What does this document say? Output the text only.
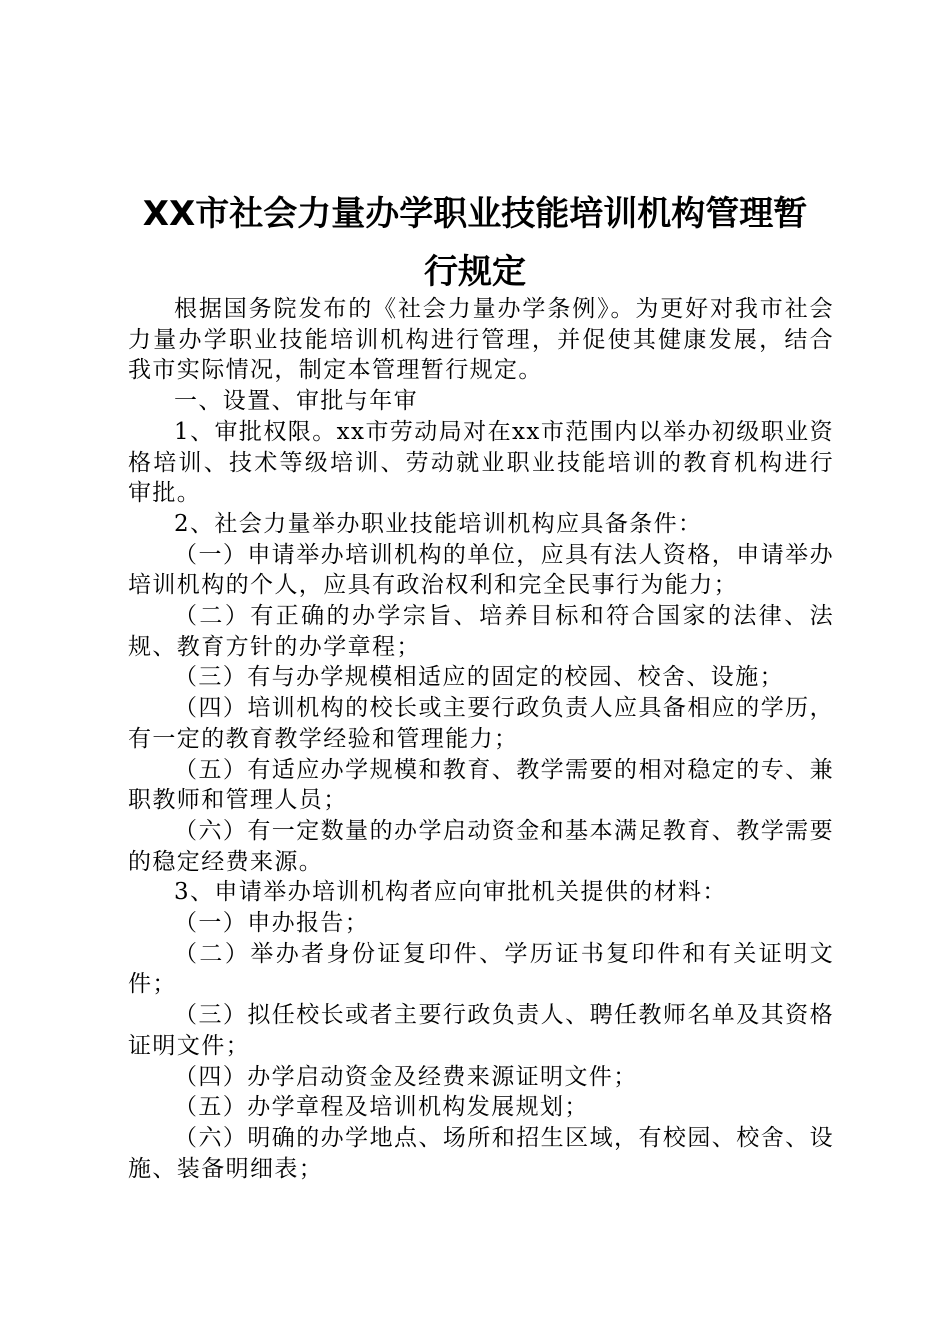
XX市社会力量办学职业技能培训机构管理暂
行规定

根据国务院发布的《社会力量办学条例》。为更好对我市社会力量办学职业技能培训机构进行管理，并促使其健康发展，结合我市实际情况，制定本管理暂行规定。

一、设置、审批与年审

1、审批权限。xx市劳动局对在xx市范围内以举办初级职业资格培训、技术等级培训、劳动就业职业技能培训的教育机构进行审批。

2、社会力量举办职业技能培训机构应具备条件：

（一）申请举办培训机构的单位，应具有法人资格，申请举办培训机构的个人，应具有政治权利和完全民事行为能力；

（二）有正确的办学宗旨、培养目标和符合国家的法律、法规、教育方针的办学章程；

（三）有与办学规模相适应的固定的校园、校舍、设施；

（四）培训机构的校长或主要行政负责人应具备相应的学历，有一定的教育教学经验和管理能力；

（五）有适应办学规模和教育、教学需要的相对稳定的专、兼职教师和管理人员；

（六）有一定数量的办学启动资金和基本满足教育、教学需要的稳定经费来源。

3、申请举办培训机构者应向审批机关提供的材料：

（一）申办报告；

（二）举办者身份证复印件、学历证书复印件和有关证明文件；

（三）拟任校长或者主要行政负责人、聘任教师名单及其资格证明文件；

（四）办学启动资金及经费来源证明文件；

（五）办学章程及培训机构发展规划；

（六）明确的办学地点、场所和招生区域，有校园、校舍、设施、装备明细表；
